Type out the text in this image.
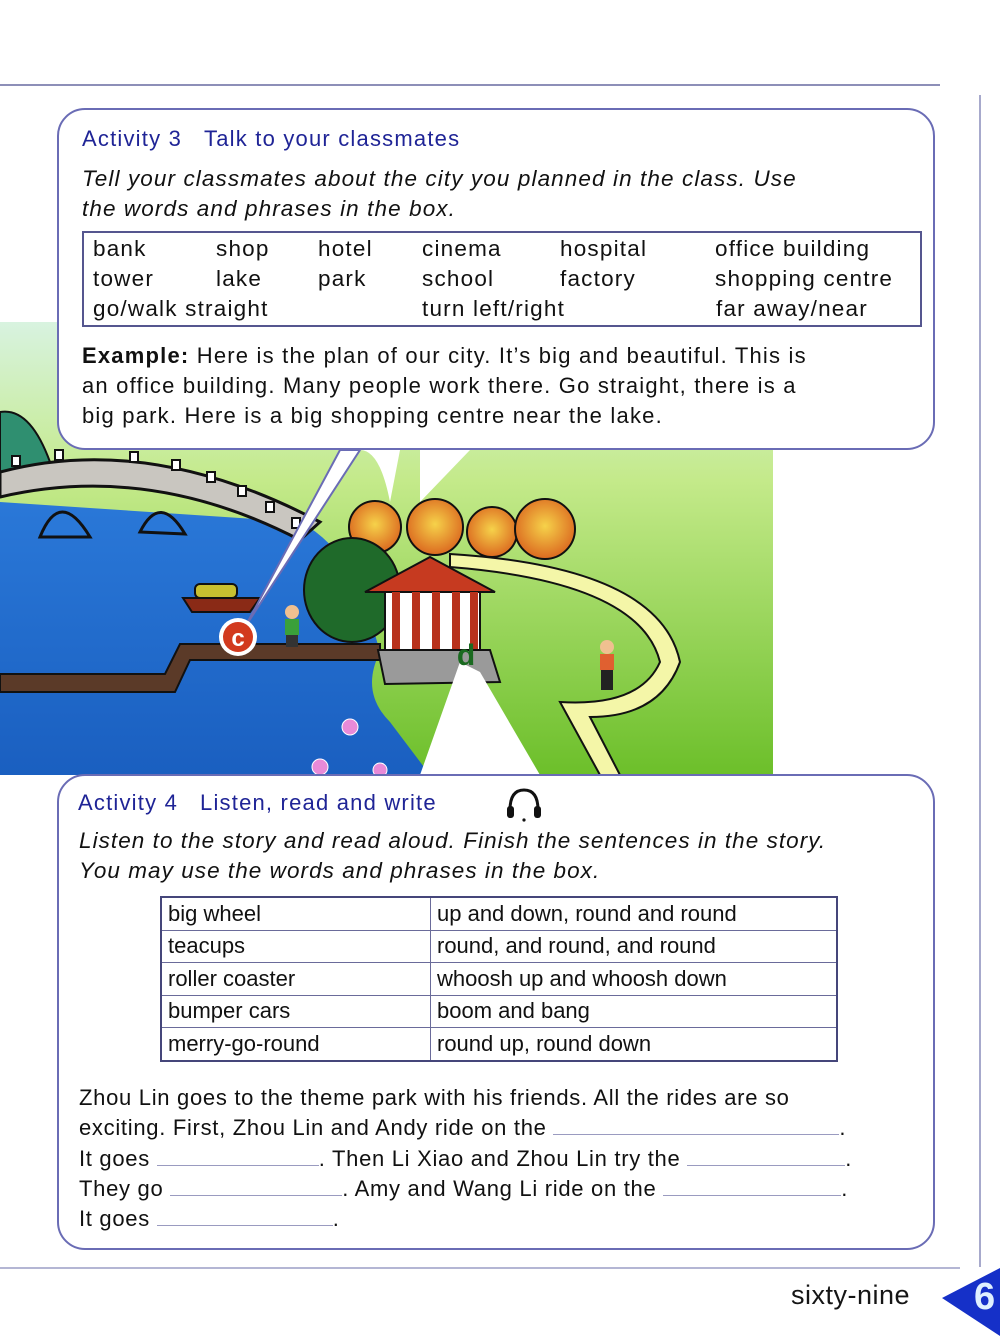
c
d
Activity 3 Talk to your classmates
Tell your classmates about the city you planned in the class. Use
the words and phrases in the box.
bank	shop hotel cinema	hospital	office building
tower	lake park school	factory	shopping centre
go/walk straight	turn left/right	far away/near
Example: Here is the plan of our city. It’s big and beautiful. This is
an office building. Many people work there. Go straight, there is a
big park. Here is a big shopping centre near the lake.
Activity 4 Listen, read and write
Listen to the story and read aloud. Finish the sentences in the story.
You may use the words and phrases in the box.
big wheel	up and down, round and round
teacups	round, and round, and round
roller coaster	whoosh up and whoosh down
bumper cars	boom and bang
merry-go-round	round up, round down
Zhou Lin goes to the theme park with his friends. All the rides are so
exciting. First, Zhou Lin and Andy ride on the	.
It goes	. Then Li Xiao and Zhou Lin try the	.
They go	. Amy and Wang Li ride on the	.
It goes	.
sixty-nine 6
